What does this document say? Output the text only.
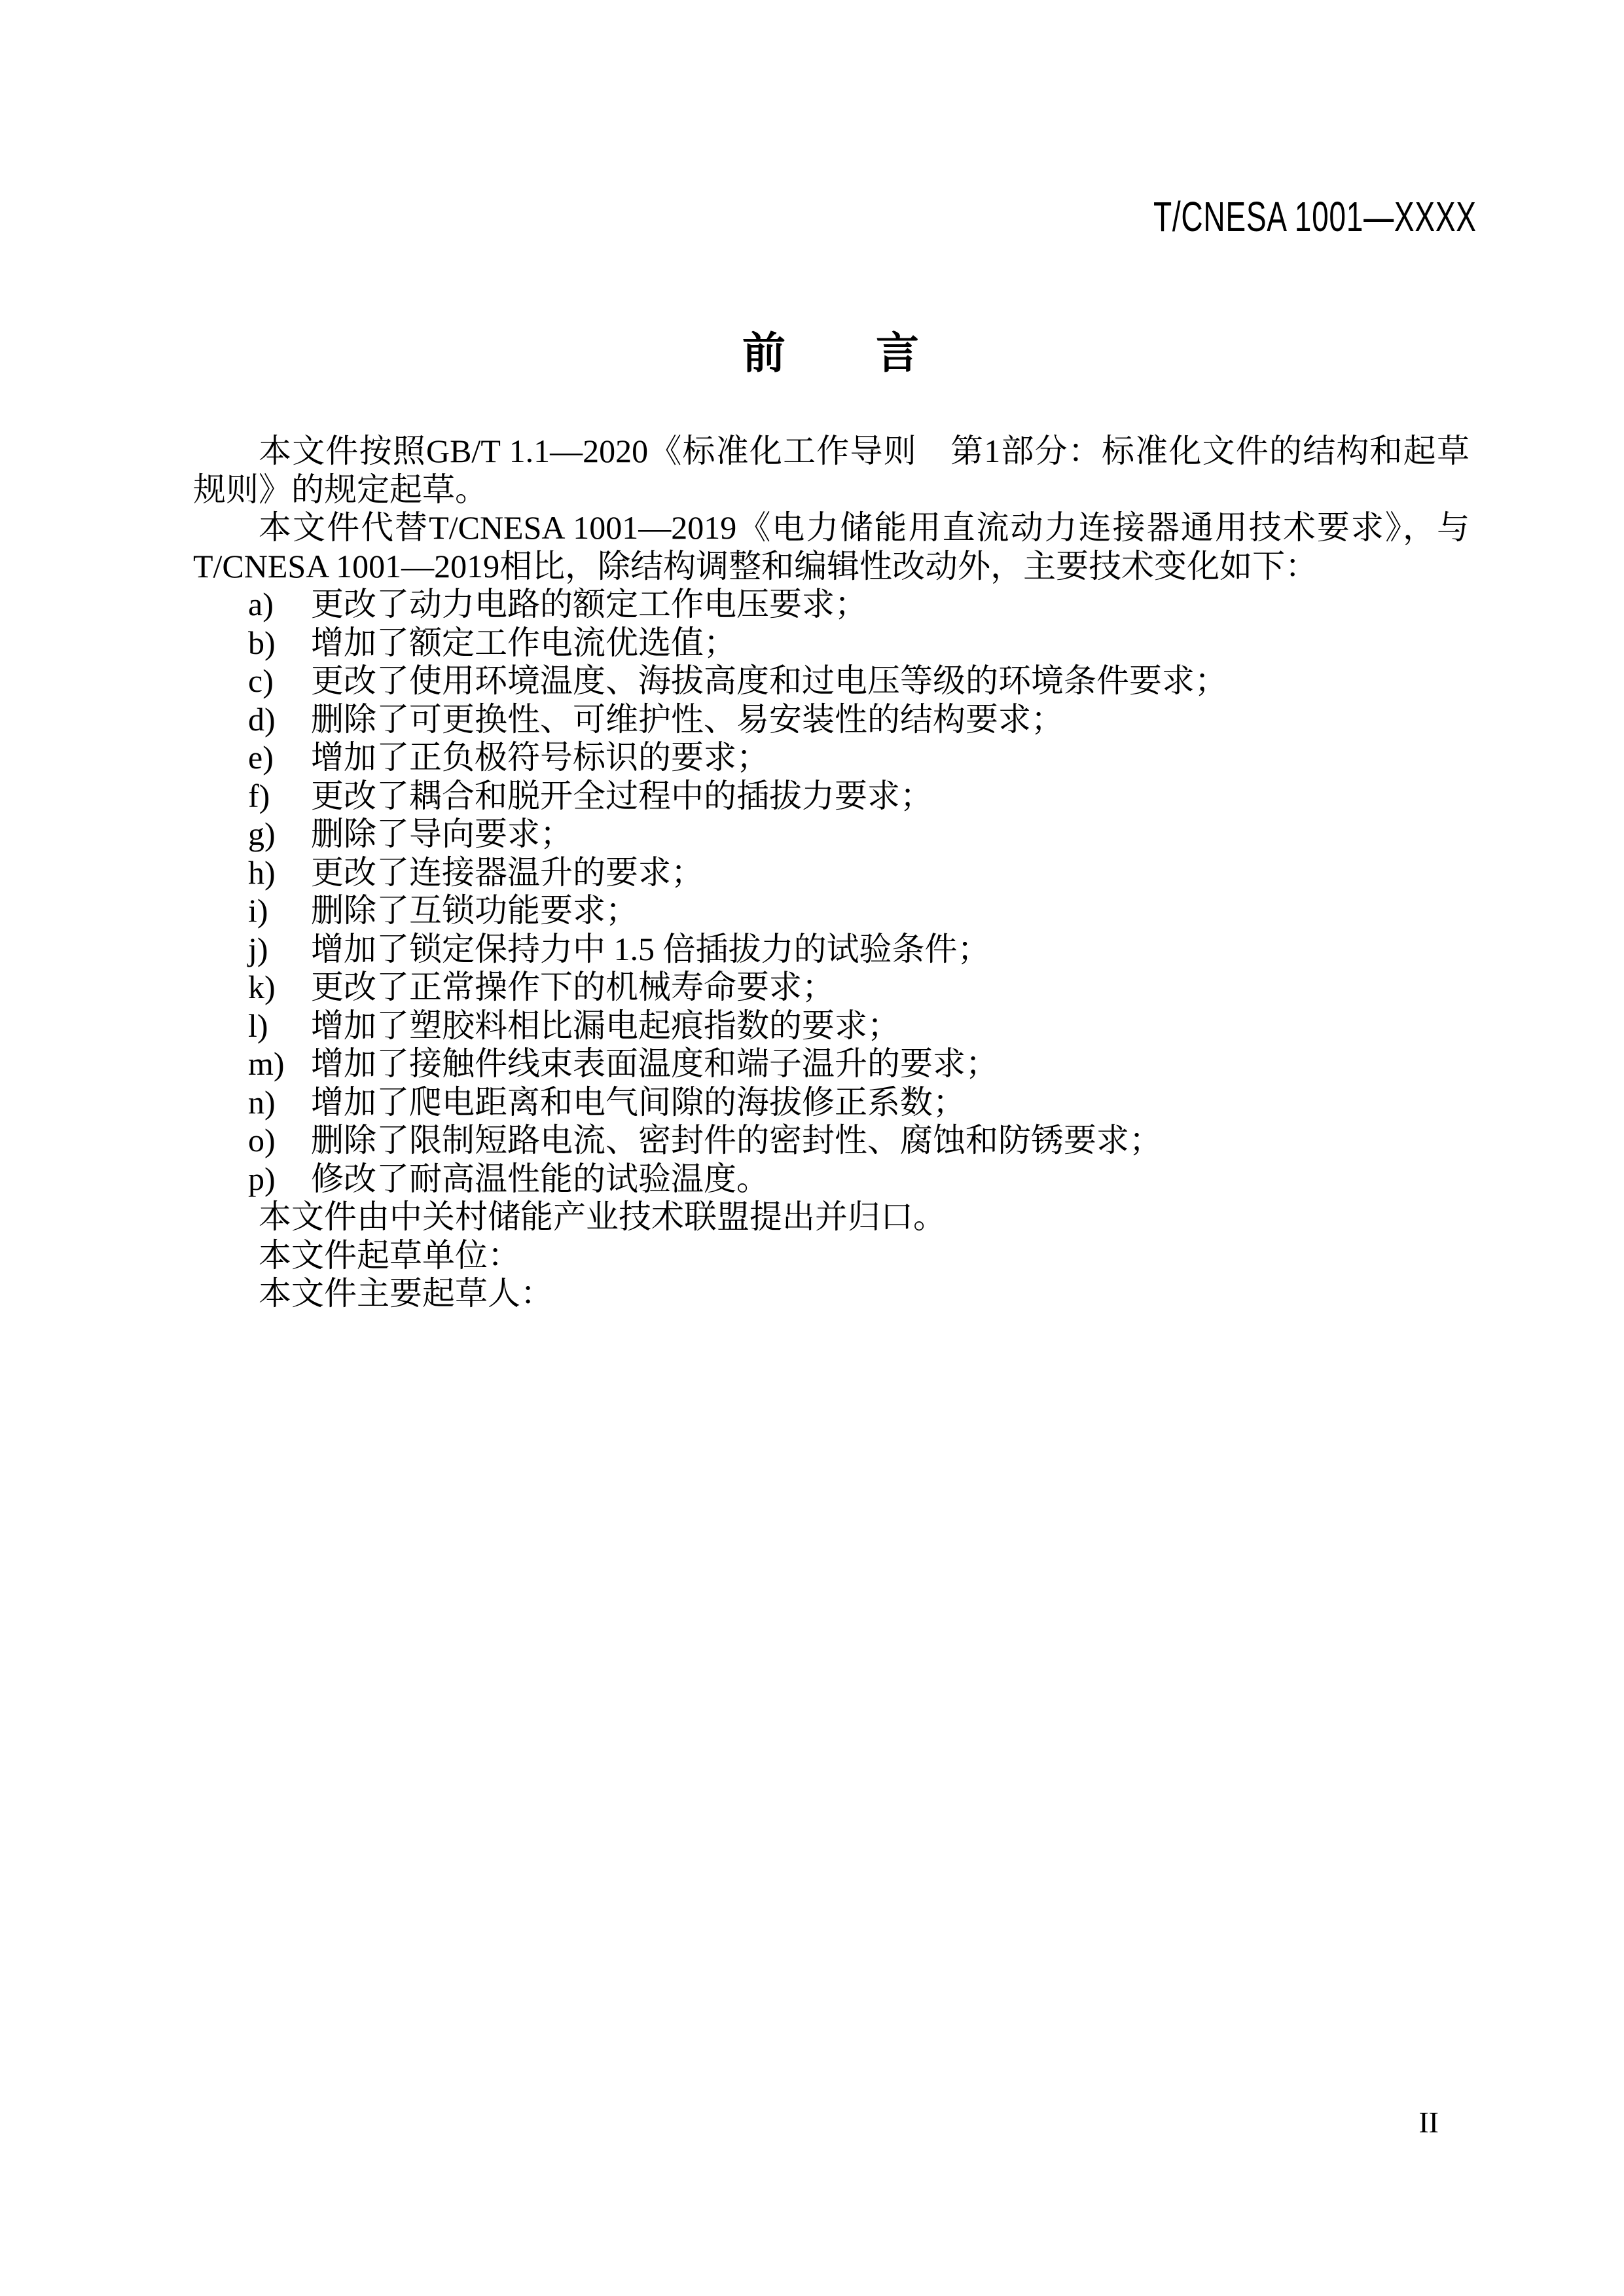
T/CNESA 1001—XXXX
前　　言

本文件按照GB/T 1.1—2020《标准化工作导则　第1部分：标准化文件的结构和起草规则》的规定起草。

本文件代替T/CNESA 1001—2019《电力储能用直流动力连接器通用技术要求》，与T/CNESA 1001—2019相比，除结构调整和编辑性改动外，主要技术变化如下：

a)	更改了动力电路的额定工作电压要求；
b)	增加了额定工作电流优选值；
c)	更改了使用环境温度、海拔高度和过电压等级的环境条件要求；
d)	删除了可更换性、可维护性、易安装性的结构要求；
e)	增加了正负极符号标识的要求；
f)	更改了耦合和脱开全过程中的插拔力要求；
g)	删除了导向要求；
h)	更改了连接器温升的要求；
i)	删除了互锁功能要求；
j)	增加了锁定保持力中 1.5 倍插拔力的试验条件；
k)	更改了正常操作下的机械寿命要求；
l)	增加了塑胶料相比漏电起痕指数的要求；
m) 增加了接触件线束表面温度和端子温升的要求；
n)	增加了爬电距离和电气间隙的海拔修正系数；
o)	删除了限制短路电流、密封件的密封性、腐蚀和防锈要求；
p)	修改了耐高温性能的试验温度。

本文件由中关村储能产业技术联盟提出并归口。

本文件起草单位：

本文件主要起草人：

II
